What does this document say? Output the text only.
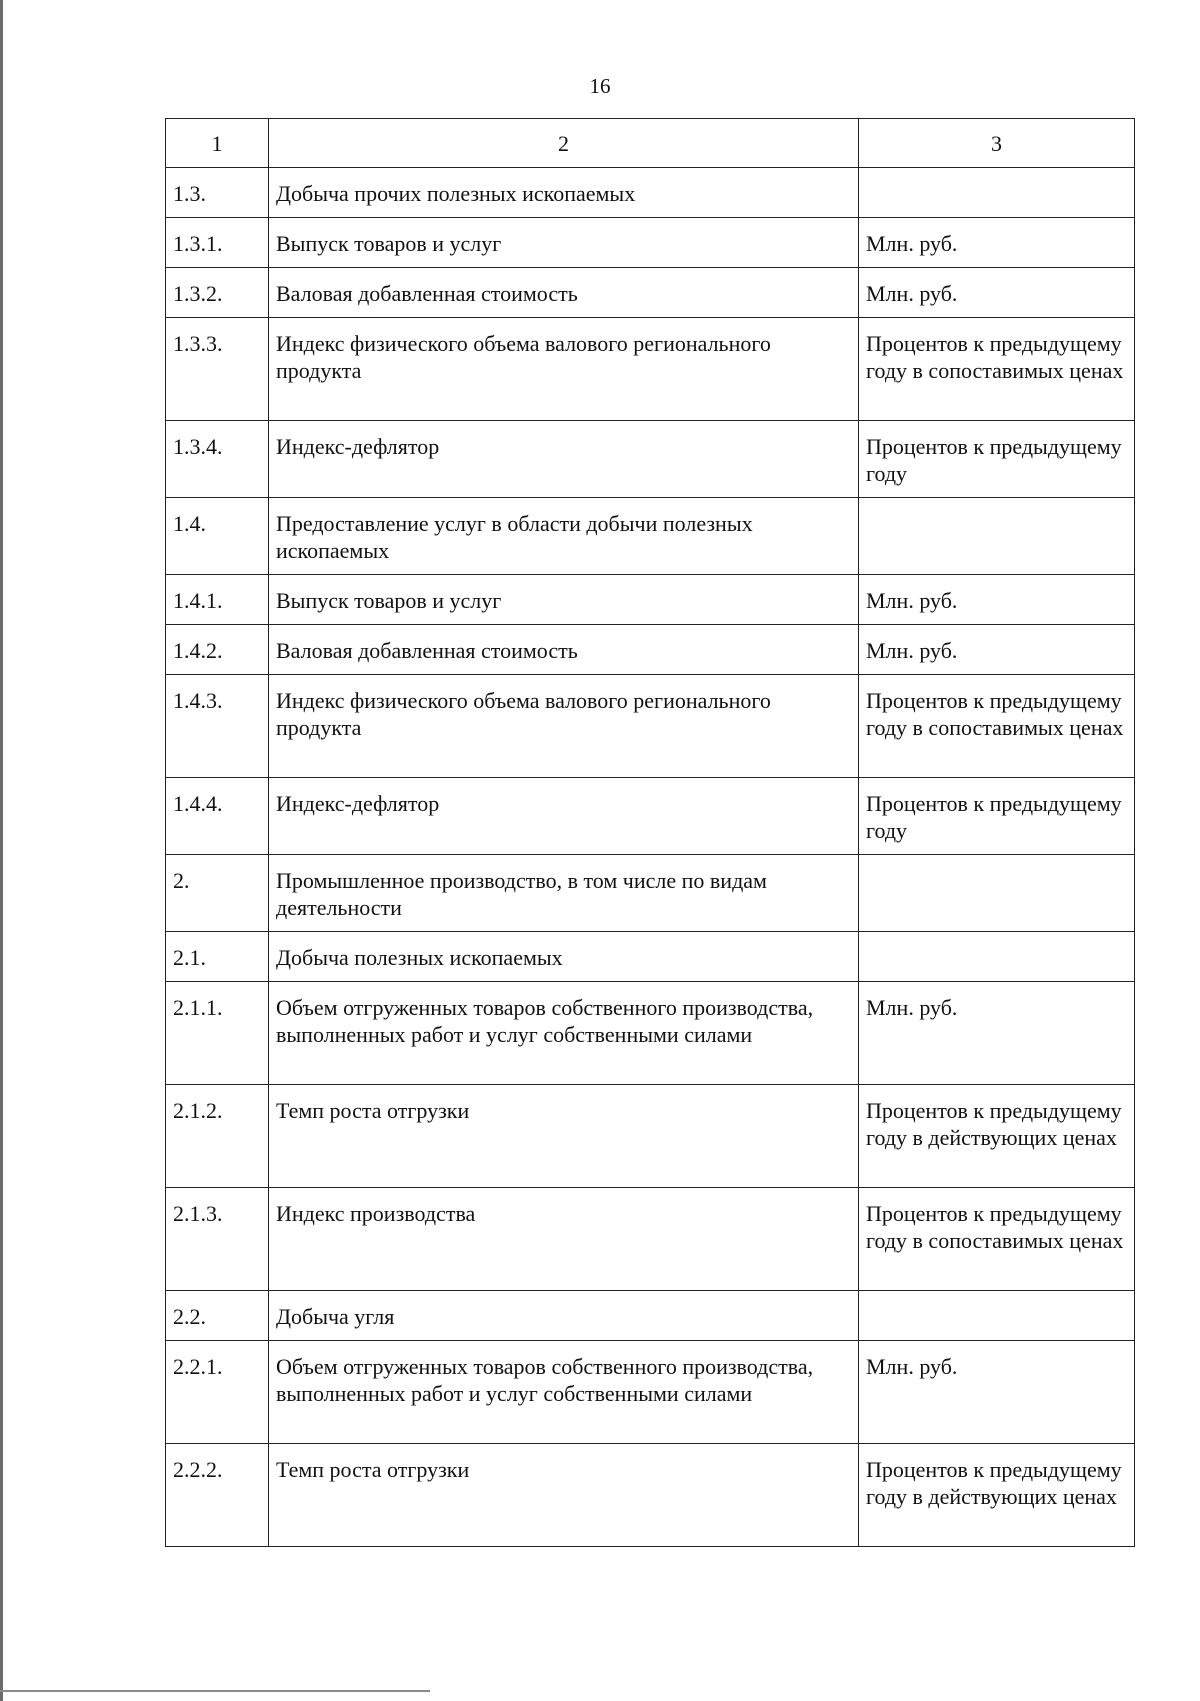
16
1	2	3
1.3.	Добыча прочих полезных ископаемых	
1.3.1.	Выпуск товаров и услуг	Млн. руб.
1.3.2.	Валовая добавленная стоимость	Млн. руб.
1.3.3.	Индекс физического объема валового регионального продукта	Процентов к предыдущему году в сопоставимых ценах
1.3.4.	Индекс-дефлятор	Процентов к предыдущему году
1.4.	Предоставление услуг в области добычи полезных ископаемых	
1.4.1.	Выпуск товаров и услуг	Млн. руб.
1.4.2.	Валовая добавленная стоимость	Млн. руб.
1.4.3.	Индекс физического объема валового регионального продукта	Процентов к предыдущему году в сопоставимых ценах
1.4.4.	Индекс-дефлятор	Процентов к предыдущему году
2.	Промышленное производство, в том числе по видам деятельности	
2.1.	Добыча полезных ископаемых	
2.1.1.	Объем отгруженных товаров собственного производства, выполненных работ и услуг собственными силами	Млн. руб.
2.1.2.	Темп роста отгрузки	Процентов к предыдущему году в действующих ценах
2.1.3.	Индекс производства	Процентов к предыдущему году в сопоставимых ценах
2.2.	Добыча угля	
2.2.1.	Объем отгруженных товаров собственного производства, выполненных работ и услуг собственными силами	Млн. руб.
2.2.2.	Темп роста отгрузки	Процентов к предыдущему году в действующих ценах
